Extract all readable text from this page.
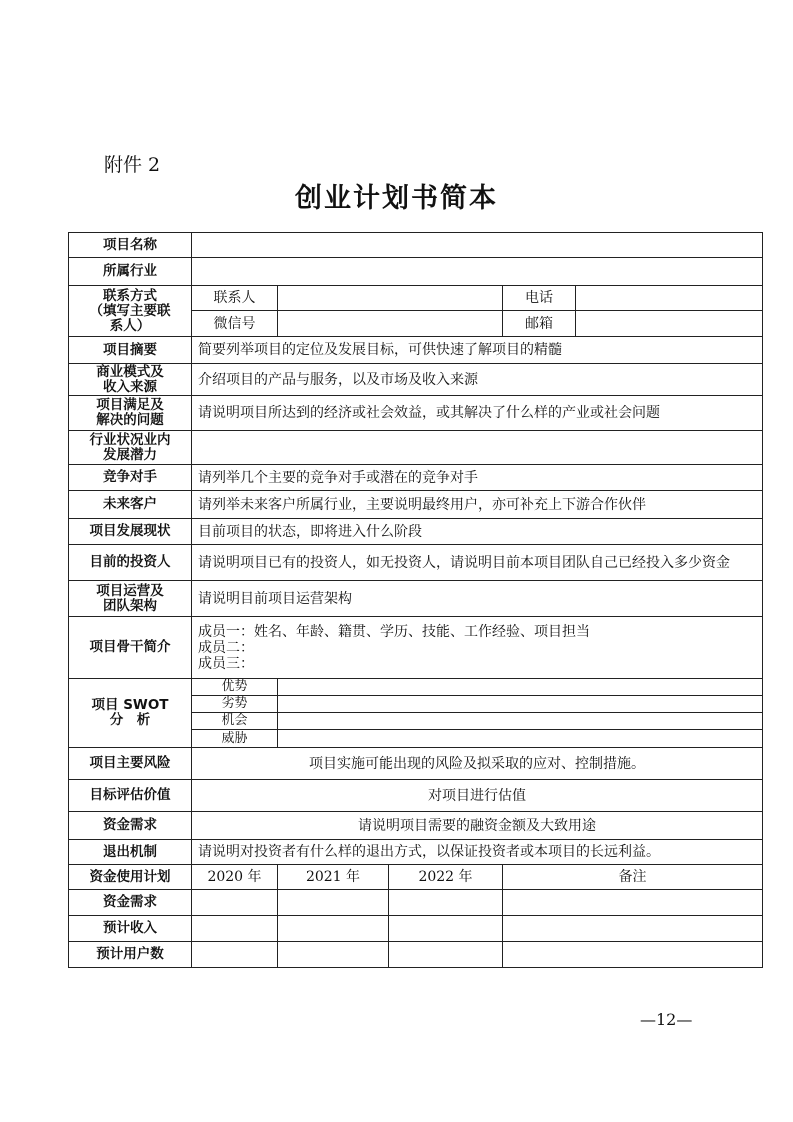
附件 2
创业计划书简本
项目名称					
所属行业					

联系方式
（填写主要联
系人）	联系人			电话	
	微信号			邮箱	
项目摘要	简要列举项目的定位及发展目标，可供快速了解项目的精髓				

商业模式及
收入来源	介绍项目的产品与服务，以及市场及收入来源				

项目满足及
解决的问题	请说明项目所达到的经济或社会效益，或其解决了什么样的产业或社会问题				

行业状况业内
发展潜力					

竞争对手	请列举几个主要的竞争对手或潜在的竞争对手				
未来客户	请列举未来客户所属行业，主要说明最终用户，亦可补充上下游合作伙伴				
项目发展现状	目前项目的状态，即将进入什么阶段				
目前的投资人	请说明项目已有的投资人，如无投资人，请说明目前本项目团队自己已经投入多少资金				

项目运营及
团队架构	请说明目前项目运营架构				
项目骨干简介	成员一：姓名、年龄、籍贯、学历、技能、工作经验、项目担当
成员二：
成员三：				

项目 SWOT
分　析	优势				
	劣势				
	机会				
	威胁				
项目主要风险	项目实施可能出现的风险及拟采取的应对、控制措施。				
目标评估价值	对项目进行估值				
资金需求	请说明项目需要的融资金额及大致用途				
退出机制	请说明对投资者有什么样的退出方式，以保证投资者或本项目的长远利益。				
资金使用计划	2020 年	2021 年	2022 年	备注	
资金需求					
预计收入					
预计用户数					
—12—
